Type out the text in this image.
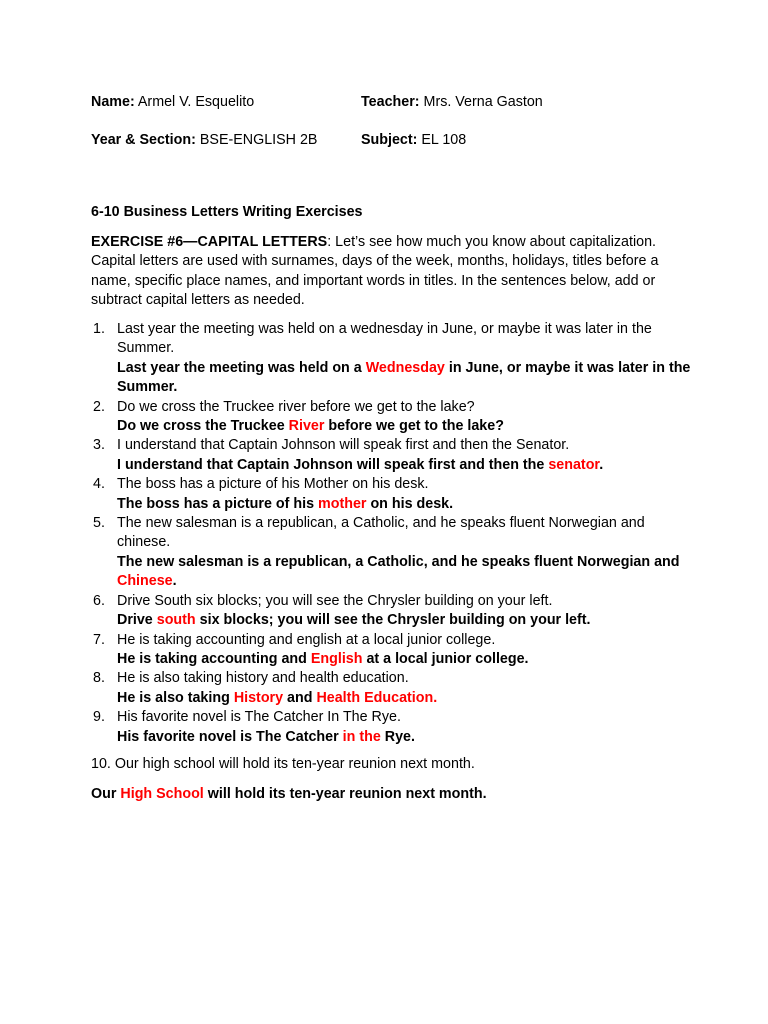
Name: Armel V. Esquelito	Teacher: Mrs. Verna Gaston
Year & Section: BSE-ENGLISH 2B	Subject: EL 108
6-10 Business Letters Writing Exercises
EXERCISE #6—CAPITAL LETTERS: Let’s see how much you know about capitalization. Capital letters are used with surnames, days of the week, months, holidays, titles before a name, specific place names, and important words in titles. In the sentences below, add or subtract capital letters as needed.
1. Last year the meeting was held on a wednesday in June, or maybe it was later in the Summer.
Last year the meeting was held on a Wednesday in June, or maybe it was later in the Summer.
2. Do we cross the Truckee river before we get to the lake?
Do we cross the Truckee River before we get to the lake?
3. I understand that Captain Johnson will speak first and then the Senator.
I understand that Captain Johnson will speak first and then the senator.
4. The boss has a picture of his Mother on his desk.
The boss has a picture of his mother on his desk.
5. The new salesman is a republican, a Catholic, and he speaks fluent Norwegian and chinese.
The new salesman is a republican, a Catholic, and he speaks fluent Norwegian and Chinese.
6. Drive South six blocks; you will see the Chrysler building on your left.
Drive south six blocks; you will see the Chrysler building on your left.
7. He is taking accounting and english at a local junior college.
He is taking accounting and English at a local junior college.
8. He is also taking history and health education.
He is also taking History and Health Education.
9. His favorite novel is The Catcher In The Rye.
His favorite novel is The Catcher in the Rye.
10. Our high school will hold its ten-year reunion next month.
Our High School will hold its ten-year reunion next month.
